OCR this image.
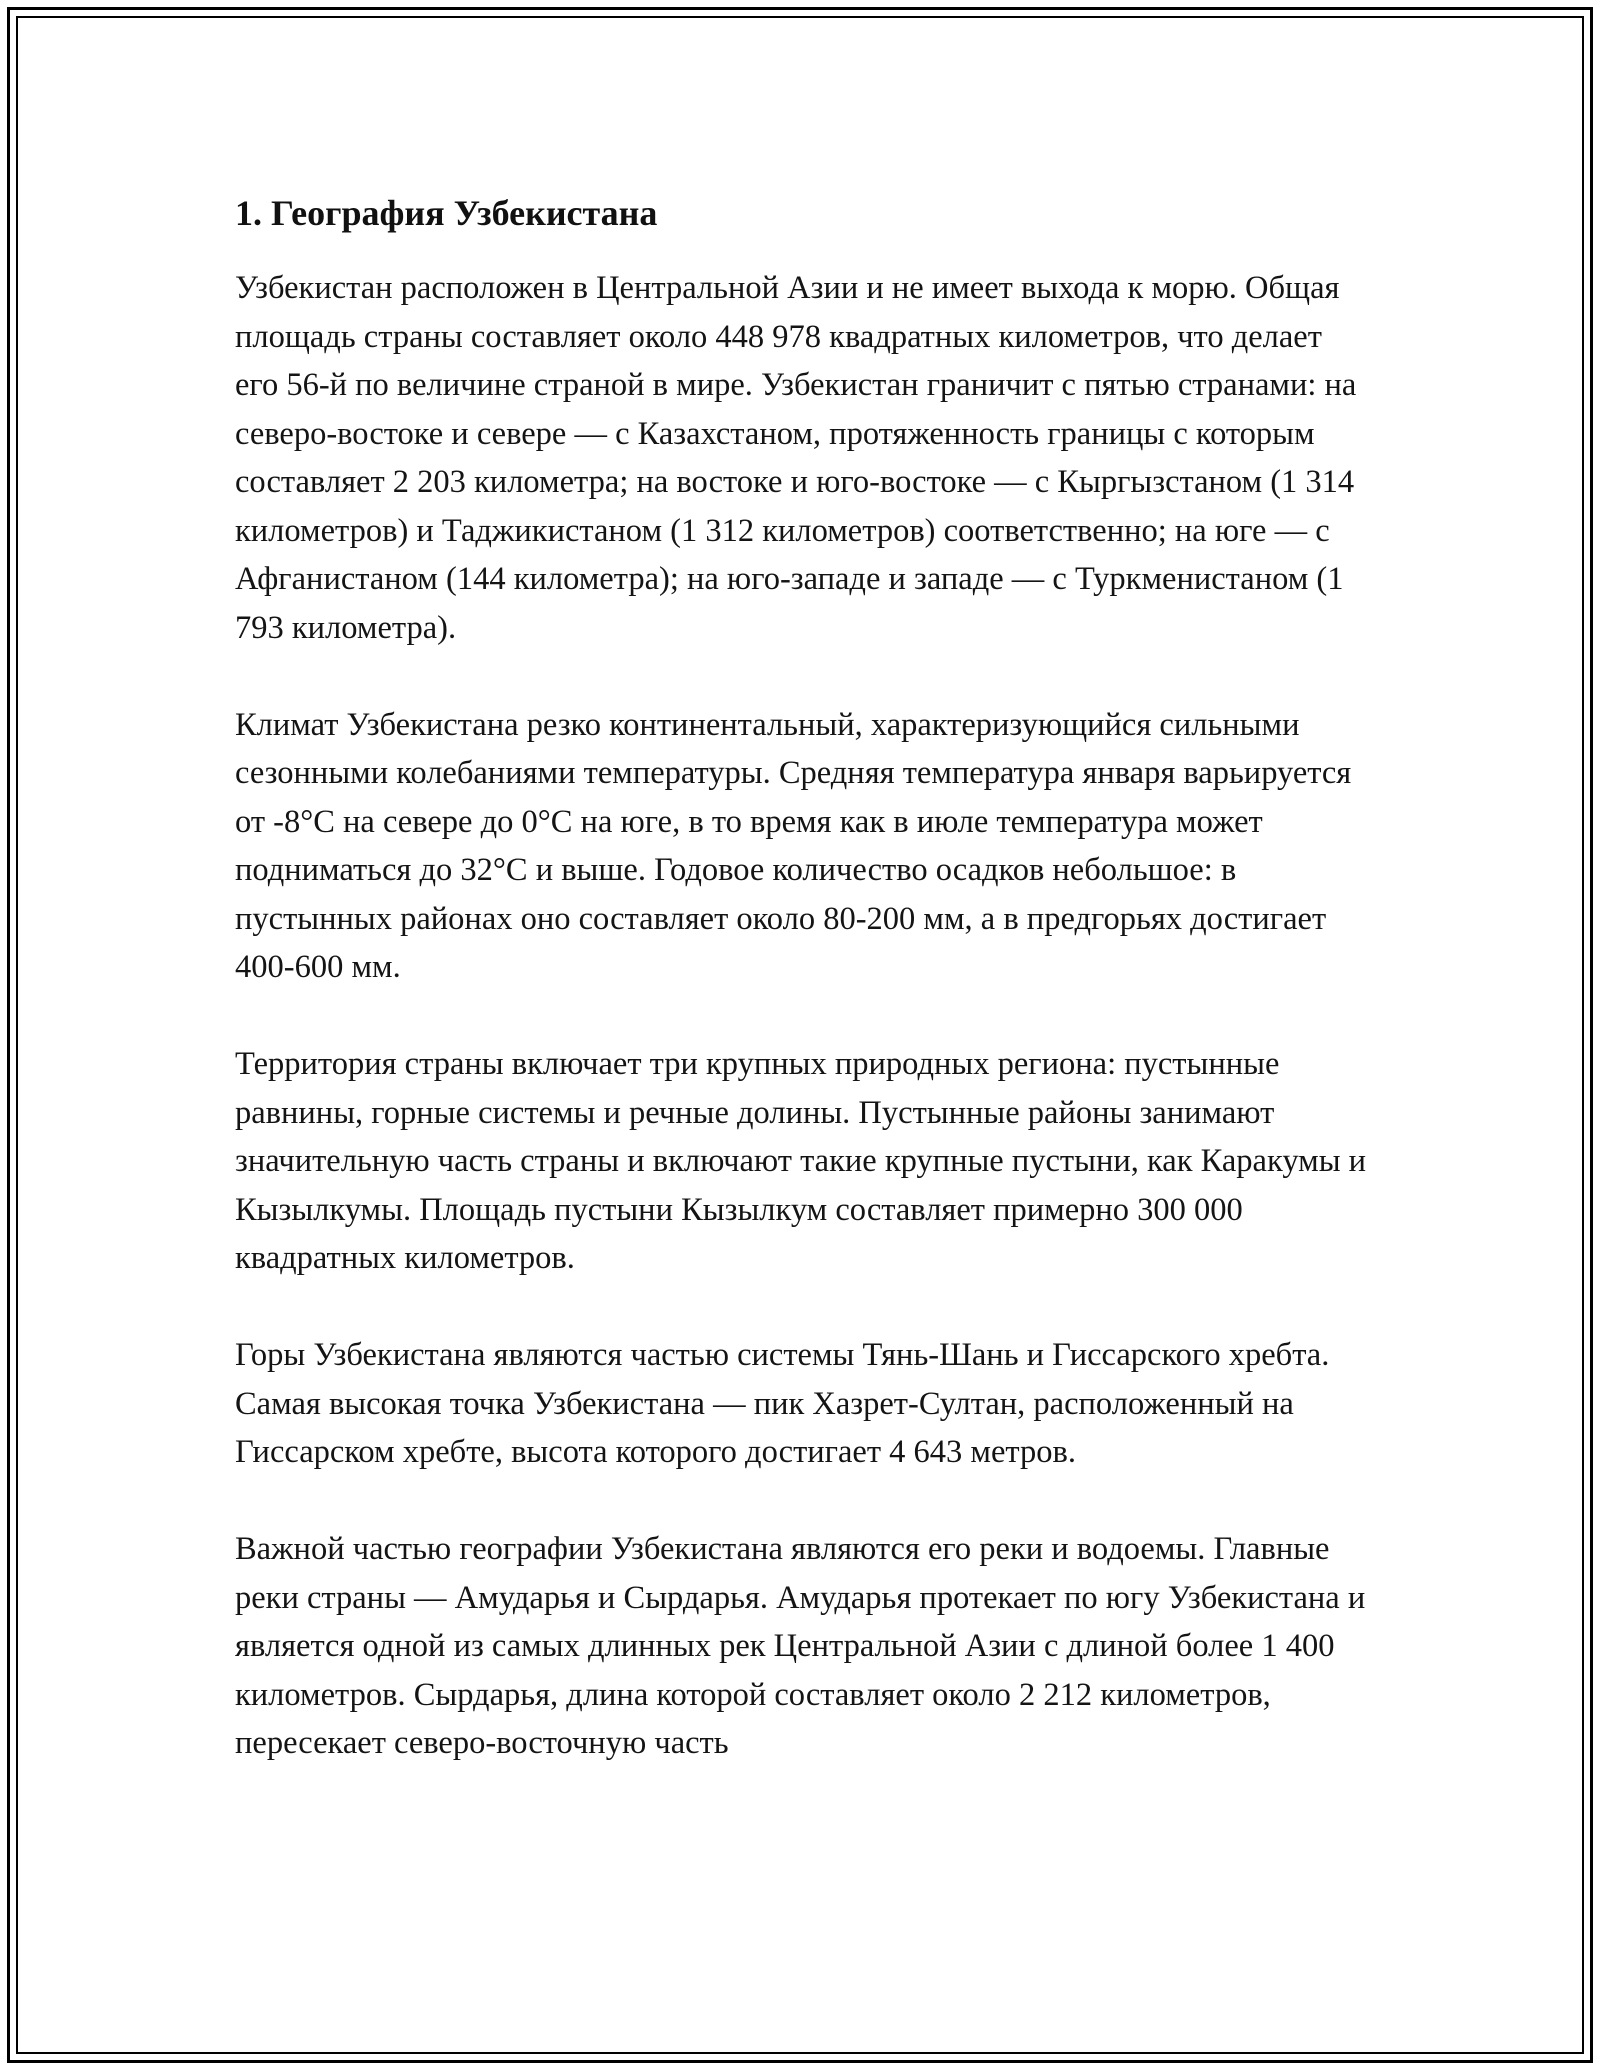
1. География Узбекистана

Узбекистан расположен в Центральной Азии и не имеет выхода к морю. Общая площадь страны составляет около 448 978 квадратных километров, что делает его 56-й по величине страной в мире. Узбекистан граничит с пятью странами: на северо-востоке и севере — с Казахстаном, протяженность границы с которым составляет 2 203 километра; на востоке и юго-востоке — с Кыргызстаном (1 314 километров) и Таджикистаном (1 312 километров) соответственно; на юге — с Афганистаном (144 километра); на юго-западе и западе — с Туркменистаном (1 793 километра).

Климат Узбекистана резко континентальный, характеризующийся сильными сезонными колебаниями температуры. Средняя температура января варьируется от -8°C на севере до 0°C на юге, в то время как в июле температура может подниматься до 32°C и выше. Годовое количество осадков небольшое: в пустынных районах оно составляет около 80-200 мм, а в предгорьях достигает 400-600 мм.

Территория страны включает три крупных природных региона: пустынные равнины, горные системы и речные долины. Пустынные районы занимают значительную часть страны и включают такие крупные пустыни, как Каракумы и Кызылкумы. Площадь пустыни Кызылкум составляет примерно 300 000 квадратных километров.

Горы Узбекистана являются частью системы Тянь-Шань и Гиссарского хребта. Самая высокая точка Узбекистана — пик Хазрет-Султан, расположенный на Гиссарском хребте, высота которого достигает 4 643 метров.

Важной частью географии Узбекистана являются его реки и водоемы. Главные реки страны — Амударья и Сырдарья. Амударья протекает по югу Узбекистана и является одной из самых длинных рек Центральной Азии с длиной более 1 400 километров. Сырдарья, длина которой составляет около 2 212 километров, пересекает северо-восточную часть
